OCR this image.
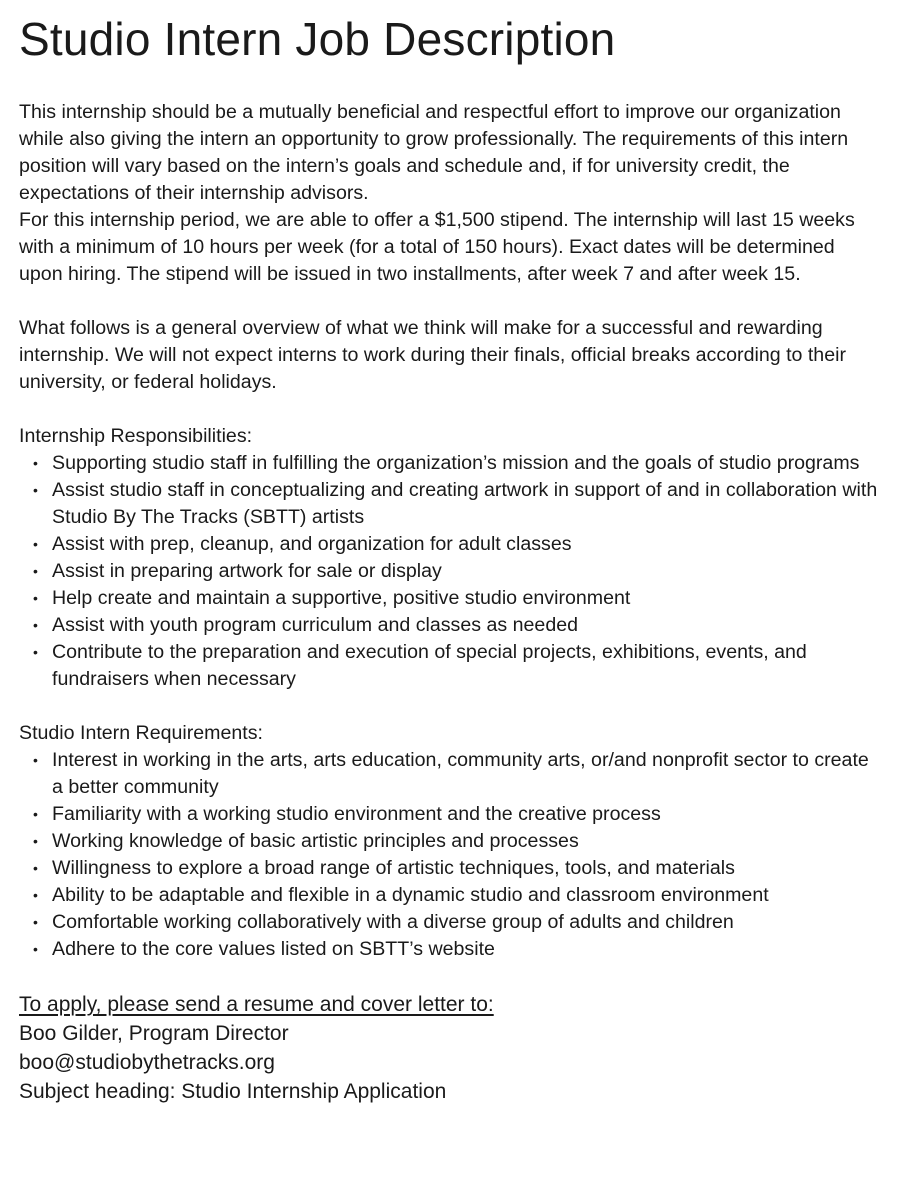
Studio Intern Job Description

This internship should be a mutually beneficial and respectful effort to improve our organization while also giving the intern an opportunity to grow professionally. The requirements of this intern position will vary based on the intern’s goals and schedule and, if for university credit, the expectations of their internship advisors.

For this internship period, we are able to offer a $1,500 stipend. The internship will last 15 weeks with a minimum of 10 hours per week (for a total of 150 hours). Exact dates will be determined upon hiring. The stipend will be issued in two installments, after week 7 and after week 15.

What follows is a general overview of what we think will make for a successful and rewarding internship. We will not expect interns to work during their finals, official breaks according to their university, or federal holidays.

Internship Responsibilities:
• Supporting studio staff in fulfilling the organization’s mission and the goals of studio programs
• Assist studio staff in conceptualizing and creating artwork in support of and in collaboration with Studio By The Tracks (SBTT) artists
• Assist with prep, cleanup, and organization for adult classes
• Assist in preparing artwork for sale or display
• Help create and maintain a supportive, positive studio environment
• Assist with youth program curriculum and classes as needed
• Contribute to the preparation and execution of special projects, exhibitions, events, and fundraisers when necessary
Studio Intern Requirements:
• Interest in working in the arts, arts education, community arts, or/and nonprofit sector to create a better community
• Familiarity with a working studio environment and the creative process
• Working knowledge of basic artistic principles and processes
• Willingness to explore a broad range of artistic techniques, tools, and materials
• Ability to be adaptable and flexible in a dynamic studio and classroom environment
• Comfortable working collaboratively with a diverse group of adults and children
• Adhere to the core values listed on SBTT’s website

To apply, please send a resume and cover letter to:

Boo Gilder, Program Director

boo@studiobythetracks.org

Subject heading: Studio Internship Application
